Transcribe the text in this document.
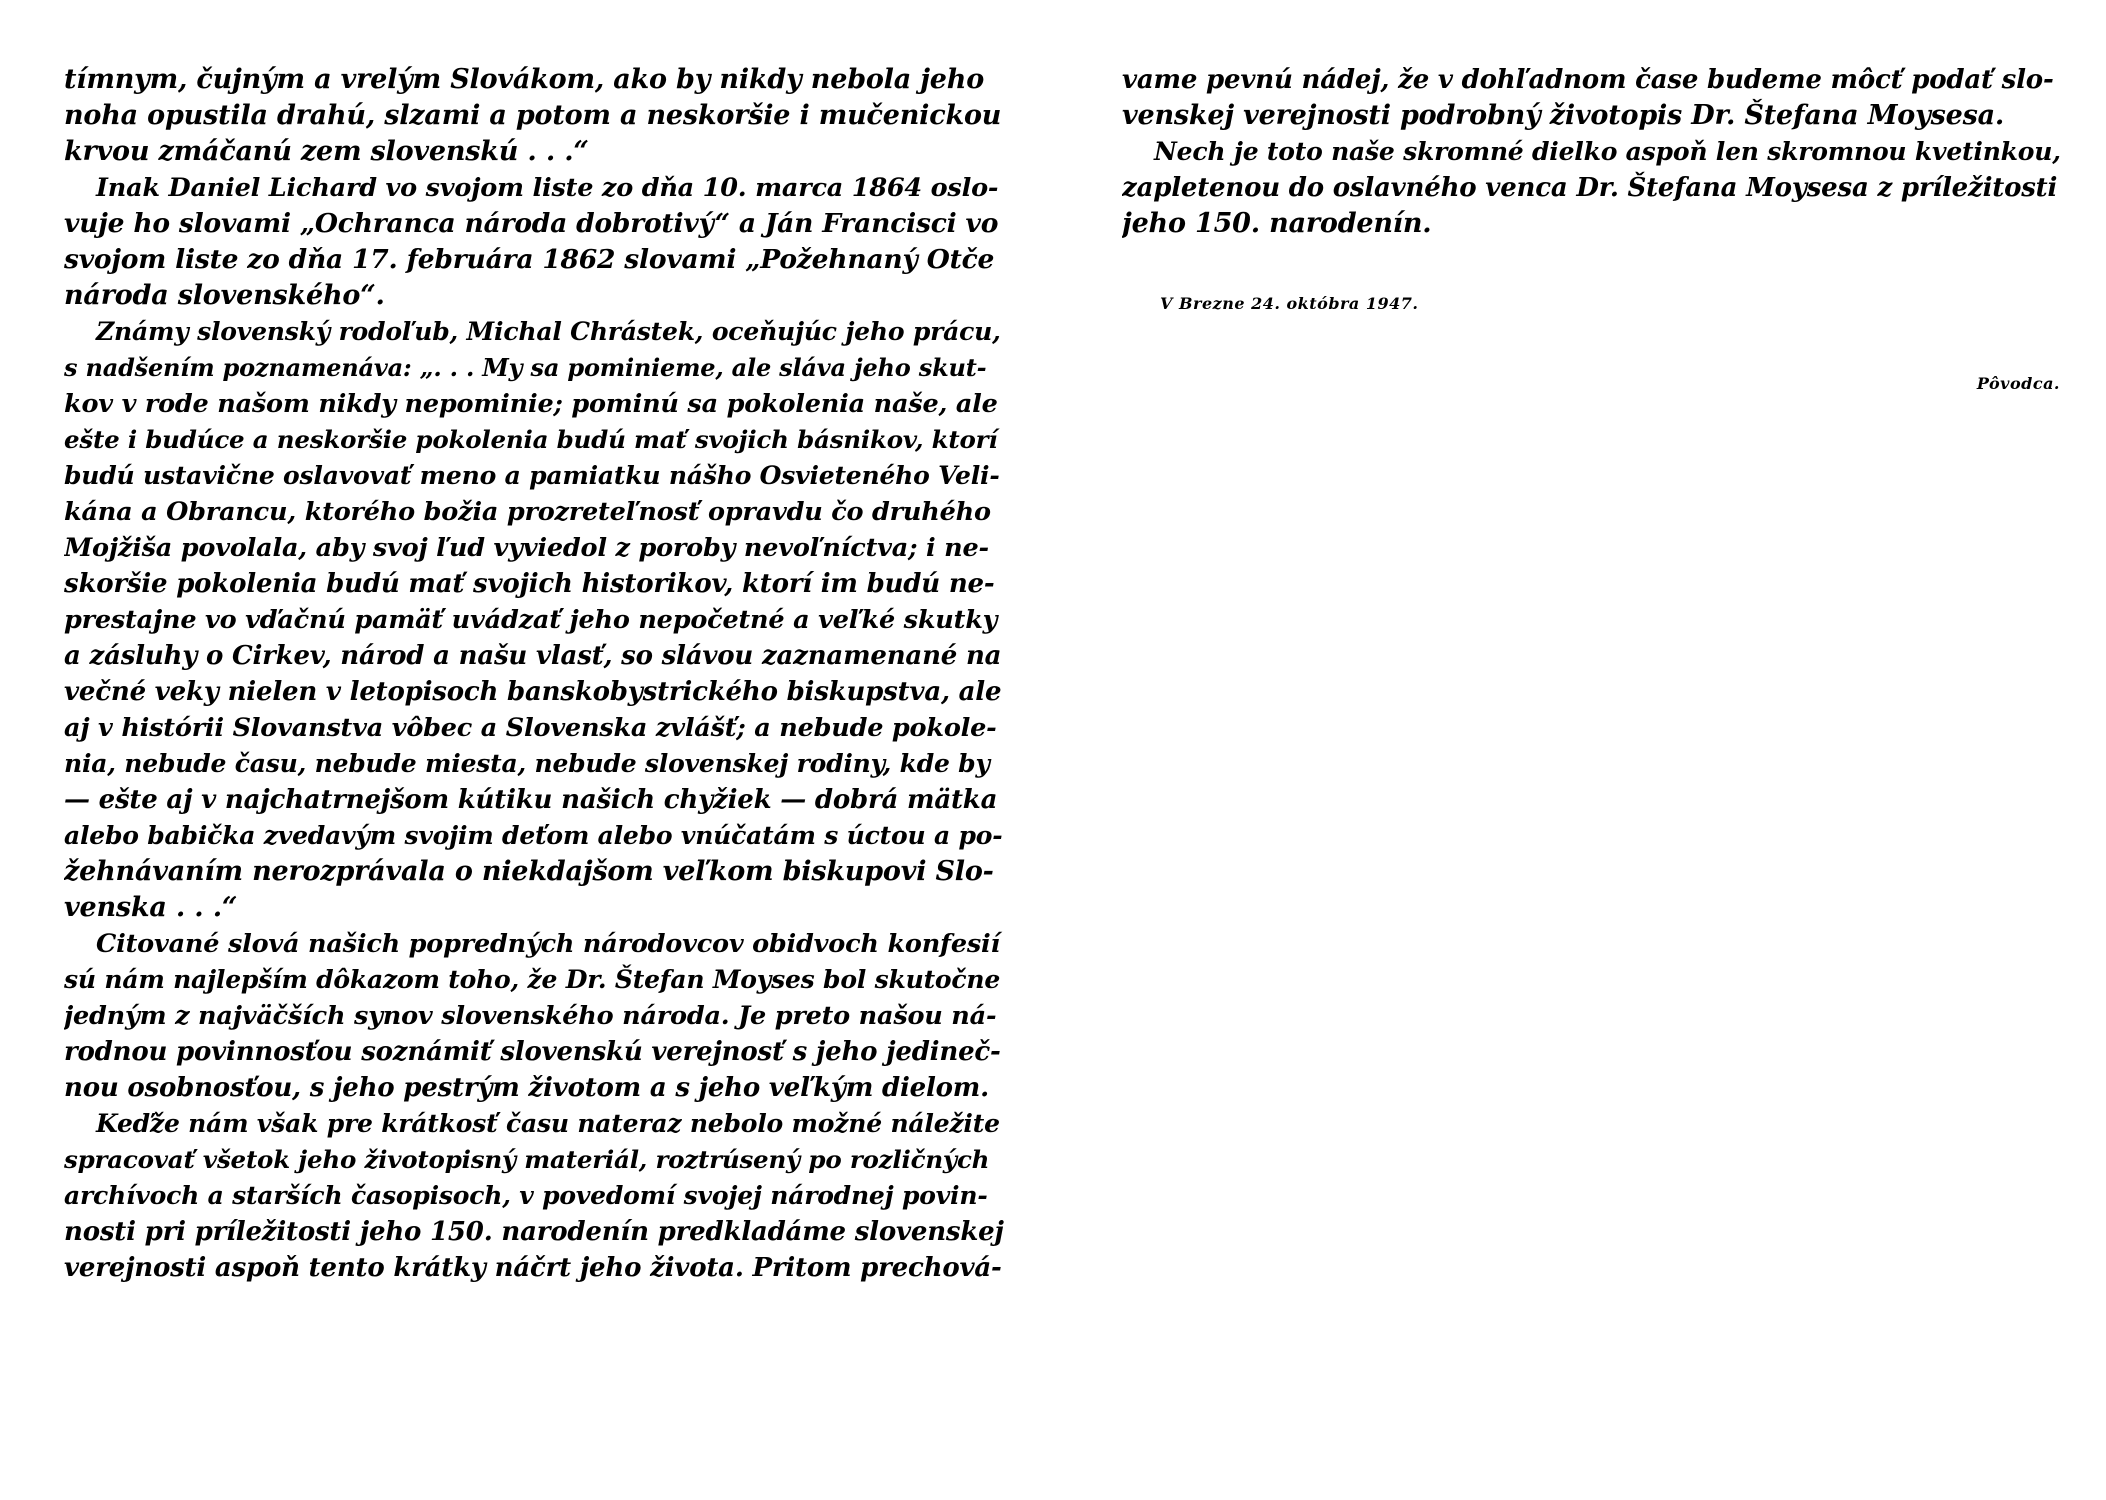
tímnym, čujným a vrelým Slovákom, ako by nikdy nebola jeho
noha opustila drahú, slzami a potom a neskoršie i mučenickou
krvou zmáčanú zem slovenskú . . .“
Inak Daniel Lichard vo svojom liste zo dňa 10. marca 1864 oslo-
vuje ho slovami „Ochranca národa dobrotivý“ a Ján Francisci vo
svojom liste zo dňa 17. februára 1862 slovami „Požehnaný Otče
národa slovenského“.
Známy slovenský rodoľub, Michal Chrástek, oceňujúc jeho prácu,
s nadšením poznamenáva: „. . . My sa pominieme, ale sláva jeho skut-
kov v rode našom nikdy nepominie; pominú sa pokolenia naše, ale
ešte i budúce a neskoršie pokolenia budú mať svojich básnikov, ktorí
budú ustavične oslavovať meno a pamiatku nášho Osvieteného Veli-
kána a Obrancu, ktorého božia prozreteľnosť opravdu čo druhého
Mojžiša povolala, aby svoj ľud vyviedol z poroby nevoľníctva; i ne-
skoršie pokolenia budú mať svojich historikov, ktorí im budú ne-
prestajne vo vďačnú pamäť uvádzať jeho nepočetné a veľké skutky
a zásluhy o Cirkev, národ a našu vlasť, so slávou zaznamenané na
večné veky nielen v letopisoch banskobystrického biskupstva, ale
aj v histórii Slovanstva vôbec a Slovenska zvlášť; a nebude pokole-
nia, nebude času, nebude miesta, nebude slovenskej rodiny, kde by
— ešte aj v najchatrnejšom kútiku našich chyžiek — dobrá mätka
alebo babička zvedavým svojim deťom alebo vnúčatám s úctou a po-
žehnávaním nerozprávala o niekdajšom veľkom biskupovi Slo-
venska . . .“
Citované slová našich popredných národovcov obidvoch konfesií
sú nám najlepším dôkazom toho, že Dr. Štefan Moyses bol skutočne
jedným z najväčších synov slovenského národa. Je preto našou ná-
rodnou povinnosťou soznámiť slovenskú verejnosť s jeho jedineč-
nou osobnosťou, s jeho pestrým životom a s jeho veľkým dielom.
Keďže nám však pre krátkosť času nateraz nebolo možné náležite
spracovať všetok jeho životopisný materiál, roztrúsený po rozličných
archívoch a starších časopisoch, v povedomí svojej národnej povin-
nosti pri príležitosti jeho 150. narodenín predkladáme slovenskej
verejnosti aspoň tento krátky náčrt jeho života. Pritom prechová-
vame pevnú nádej, že v dohľadnom čase budeme môcť podať slo-
venskej verejnosti podrobný životopis Dr. Štefana Moysesa.
Nech je toto naše skromné dielko aspoň len skromnou kvetinkou,
zapletenou do oslavného venca Dr. Štefana Moysesa z príležitosti
jeho 150. narodenín.
V Brezne 24. októbra 1947.
Pôvodca.
